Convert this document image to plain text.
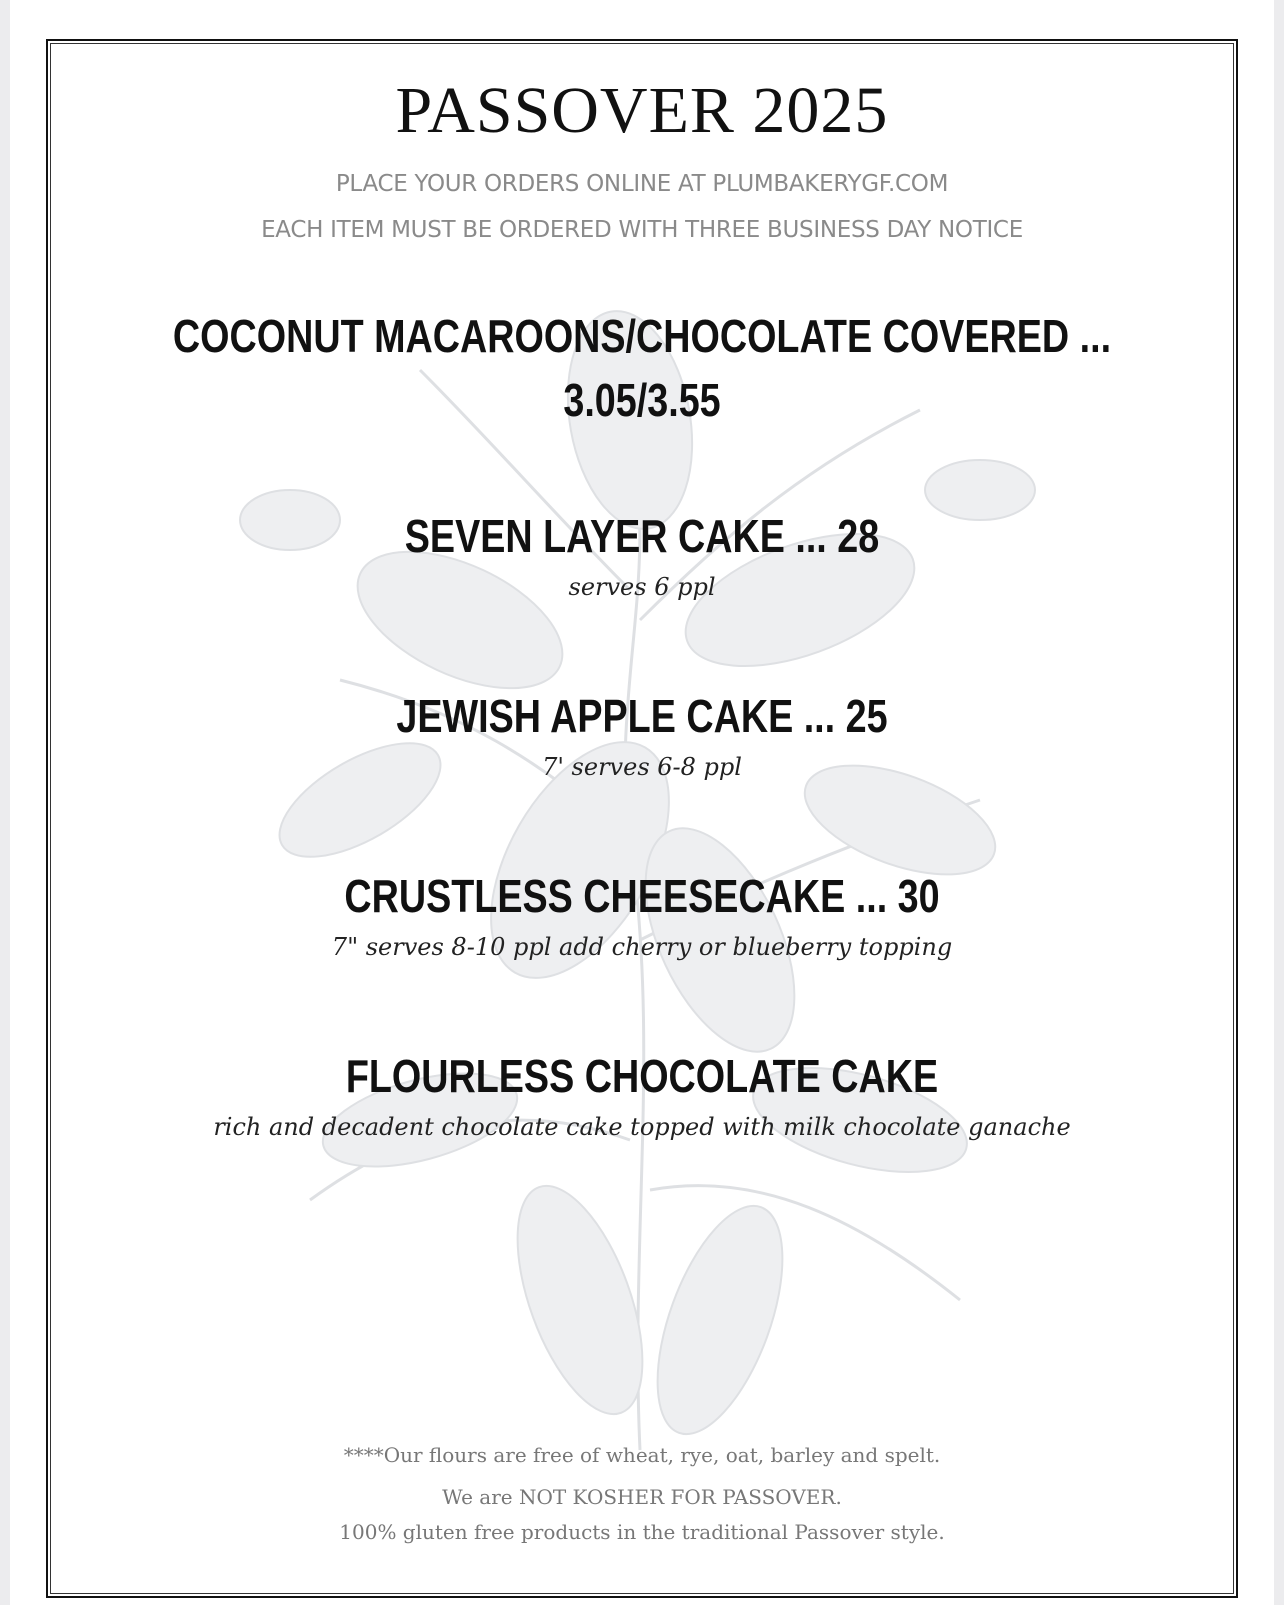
PASSOVER 2025
PLACE YOUR ORDERS ONLINE AT PLUMBAKERYGF.COM
EACH ITEM MUST BE ORDERED WITH THREE BUSINESS DAY NOTICE
COCONUT MACAROONS/CHOCOLATE COVERED ...
3.05/3.55
SEVEN LAYER CAKE ... 28
serves 6 ppl
JEWISH APPLE CAKE ... 25
7' serves 6-8 ppl
CRUSTLESS CHEESECAKE ... 30
7" serves 8-10 ppl add cherry or blueberry topping
FLOURLESS CHOCOLATE CAKE
rich and decadent chocolate cake topped with milk chocolate ganache
****Our flours are free of wheat, rye, oat, barley and spelt.
We are NOT KOSHER FOR PASSOVER.
100% gluten free products in the traditional Passover style.
